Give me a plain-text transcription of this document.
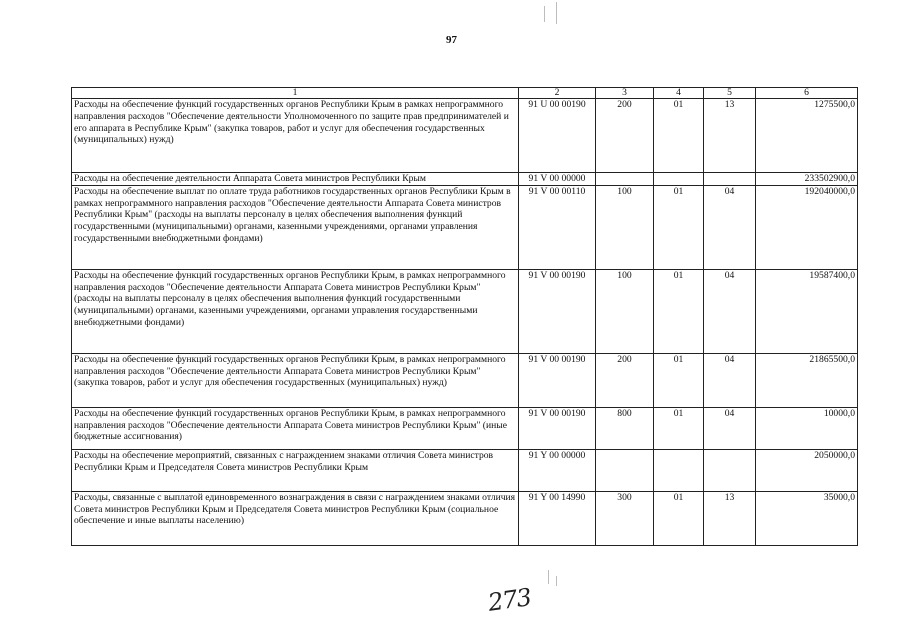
97
1	2	3	4	5	6
Расходы на обеспечение функций государственных органов Республики Крым в рамках непрограммного направления расходов "Обеспечение деятельности Уполномоченного по защите прав предпринимателей и его аппарата в Республике Крым" (закупка товаров, работ и услуг для обеспечения государственных (муниципальных) нужд)	91 U 00 00190	200	01	13	1275500,0
Расходы на обеспечение деятельности Аппарата Совета министров Республики Крым	91 V 00 00000				233502900,0
Расходы на обеспечение выплат по оплате труда работников государственных органов Республики Крым в рамках непрограммного направления расходов "Обеспечение деятельности Аппарата Совета министров Республики Крым" (расходы на выплаты персоналу в целях обеспечения выполнения функций государственными (муниципальными) органами, казенными учреждениями, органами управления государственными внебюджетными фондами)	91 V 00 00110	100	01	04	192040000,0
Расходы на обеспечение функций государственных органов Республики Крым, в рамках непрограммного направления расходов "Обеспечение деятельности Аппарата Совета министров Республики Крым" (расходы на выплаты персоналу в целях обеспечения выполнения функций государственными (муниципальными) органами, казенными учреждениями, органами управления государственными внебюджетными фондами)	91 V 00 00190	100	01	04	19587400,0
Расходы на обеспечение функций государственных органов Республики Крым, в рамках непрограммного направления расходов "Обеспечение деятельности Аппарата Совета министров Республики Крым" (закупка товаров, работ и услуг для обеспечения государственных (муниципальных) нужд)	91 V 00 00190	200	01	04	21865500,0
Расходы на обеспечение функций государственных органов Республики Крым, в рамках непрограммного направления расходов "Обеспечение деятельности Аппарата Совета министров Республики Крым" (иные бюджетные ассигнования)	91 V 00 00190	800	01	04	10000,0
Расходы на обеспечение мероприятий, связанных с награждением знаками отличия Совета министров Республики Крым и Председателя Совета министров Республики Крым	91 Y 00 00000				2050000,0
Расходы, связанные с выплатой единовременного вознаграждения в связи с награждением знаками отличия Совета министров Республики Крым и Председателя Совета министров Республики Крым (социальное обеспечение и иные выплаты населению)	91 Y 00 14990	300	01	13	35000,0
273
